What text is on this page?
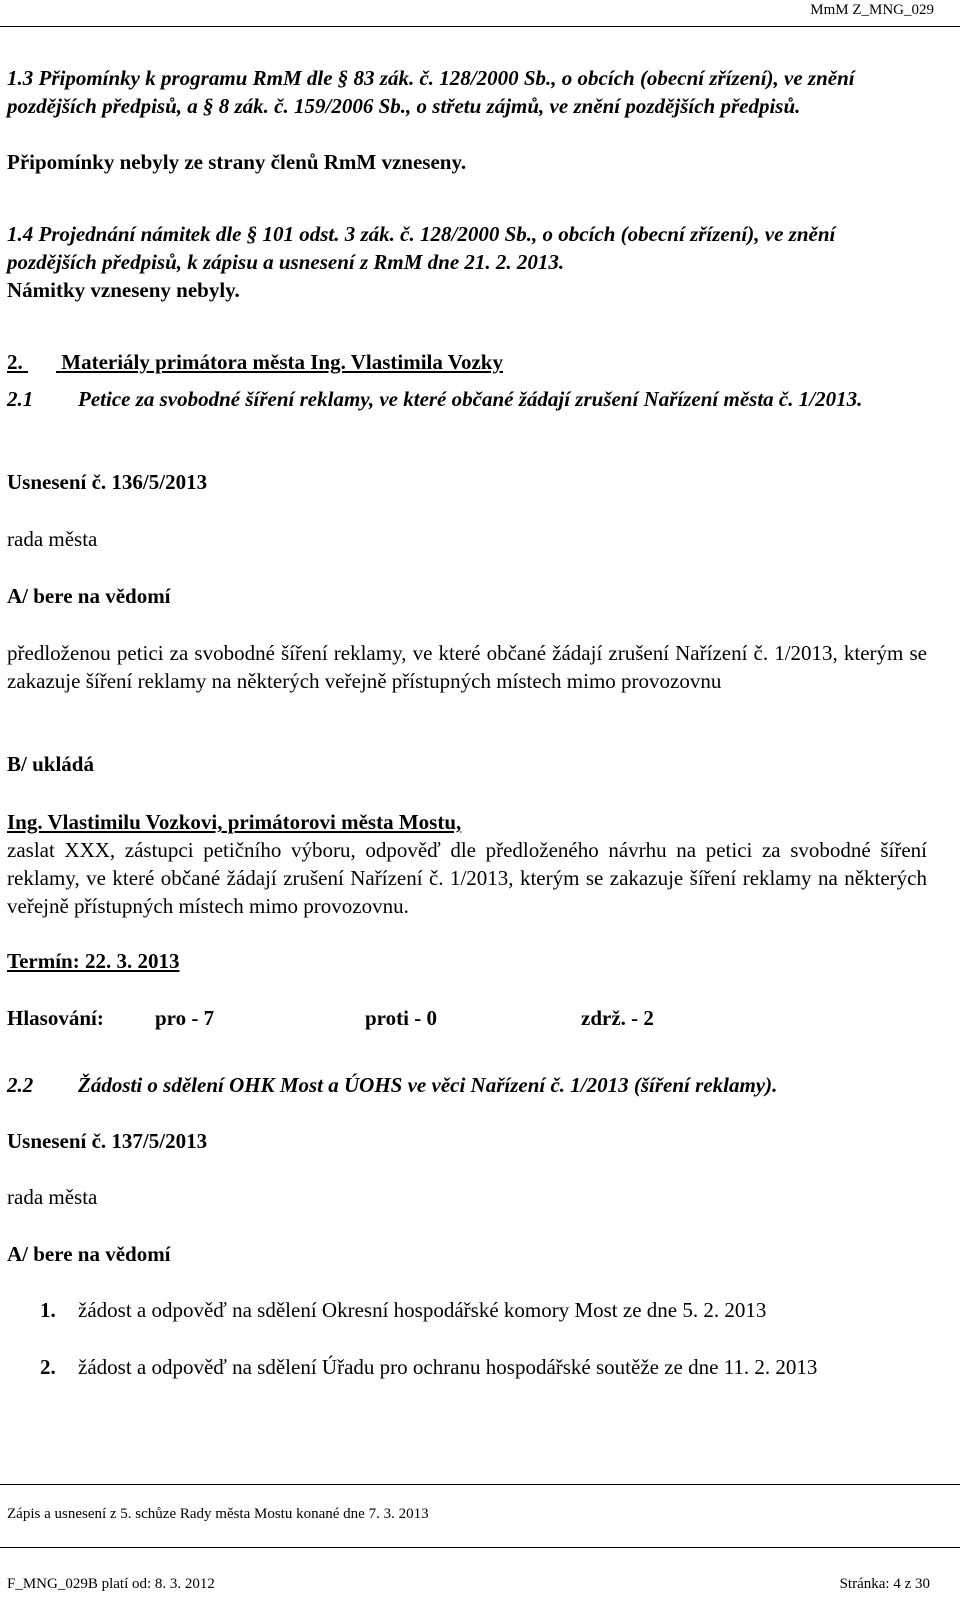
MmM Z_MNG_029
1.3 Připomínky k programu RmM dle § 83 zák. č. 128/2000 Sb., o obcích (obecní zřízení), ve znění pozdějších předpisů, a § 8 zák. č. 159/2006 Sb., o střetu zájmů, ve znění pozdějších předpisů.
Připomínky nebyly ze strany členů RmM vzneseny.
1.4 Projednání námitek dle § 101 odst. 3 zák. č. 128/2000 Sb., o obcích (obecní zřízení), ve znění pozdějších předpisů, k zápisu a usnesení z RmM dne 21. 2. 2013.
Námitky vzneseny nebyly.
2. Materiály primátora města Ing. Vlastimila Vozky
2.1 Petice za svobodné šíření reklamy, ve které občané žádají zrušení Nařízení města č. 1/2013.
Usnesení č. 136/5/2013
rada města
A/ bere na vědomí
předloženou petici za svobodné šíření reklamy, ve které občané žádají zrušení Nařízení č. 1/2013, kterým se zakazuje šíření reklamy na některých veřejně přístupných místech mimo provozovnu
B/ ukládá
Ing. Vlastimilu Vozkovi, primátorovi města Mostu,
zaslat XXX, zástupci petičního výboru, odpověď dle předloženého návrhu na petici za svobodné šíření reklamy, ve které občané žádají zrušení Nařízení č. 1/2013, kterým se zakazuje šíření reklamy na některých veřejně přístupných místech mimo provozovnu.
Termín: 22. 3. 2013
Hlasování: pro - 7	proti - 0	zdrž. - 2
2.2 Žádosti o sdělení OHK Most a ÚOHS ve věci Nařízení č. 1/2013 (šíření reklamy).
Usnesení č. 137/5/2013
rada města
A/ bere na vědomí
1. žádost a odpověď na sdělení Okresní hospodářské komory Most ze dne 5. 2. 2013
2. žádost a odpověď na sdělení Úřadu pro ochranu hospodářské soutěže ze dne 11. 2. 2013
Zápis a usnesení z 5. schůze Rady města Mostu konané dne 7. 3. 2013
F_MNG_029B platí od: 8. 3. 2012	Stránka: 4 z 30
